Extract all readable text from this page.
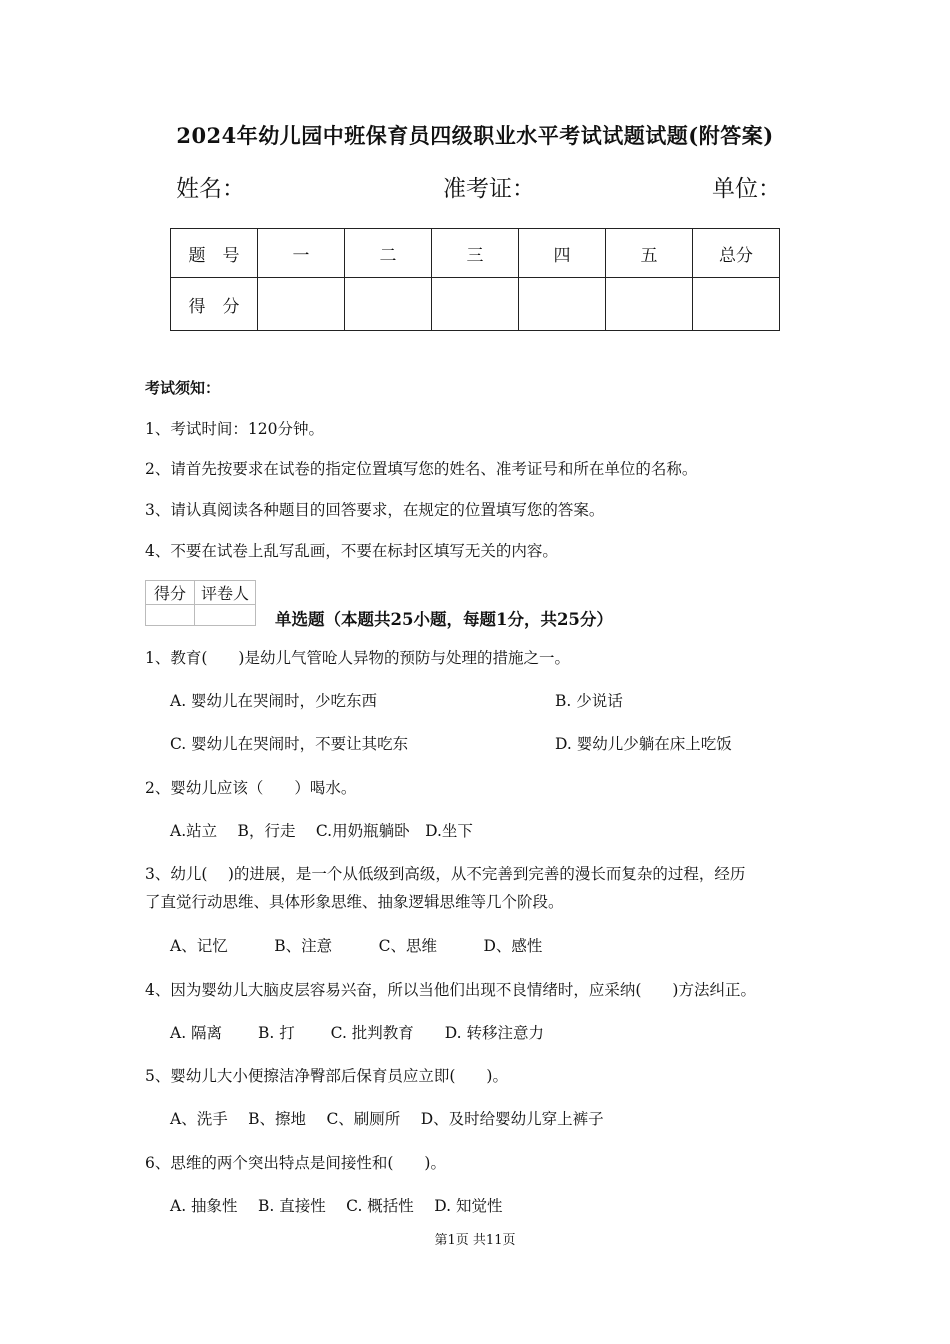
2024年幼儿园中班保育员四级职业水平考试试题试题(附答案)
姓名：	准考证：	单位：
题　号	一	二	三	四	五	总分
得　分						
考试须知：
1、考试时间：120分钟。
2、请首先按要求在试卷的指定位置填写您的姓名、准考证号和所在单位的名称。
3、请认真阅读各种题目的回答要求，在规定的位置填写您的答案。
4、不要在试卷上乱写乱画，不要在标封区填写无关的内容。
得分	评卷人

单选题（本题共25小题，每题1分，共25分）
1、教育(　　)是幼儿气管呛人异物的预防与处理的措施之一。
A. 婴幼儿在哭闹时，少吃东西	B. 少说话
C. 婴幼儿在哭闹时，不要让其吃东	D. 婴幼儿少躺在床上吃饭
2、婴幼儿应该（　　）喝水。
A.站立　 B，行走　 C.用奶瓶躺卧　D.坐下
3、幼儿(　 )的进展，是一个从低级到高级，从不完善到完善的漫长而复杂的过程，经历
了直觉行动思维、具体形象思维、抽象逻辑思维等几个阶段。
A、记忆　　　B、注意　　　C、思维　　　D、感性
4、因为婴幼儿大脑皮层容易兴奋，所以当他们出现不良情绪时，应采纳(　　)方法纠正。
A. 隔离　　 B. 打　　 C. 批判教育　　D. 转移注意力
5、婴幼儿大小便擦洁净臀部后保育员应立即(　　)。
A、洗手　 B、擦地　 C、刷厕所　 D、及时给婴幼儿穿上裤子
6、思维的两个突出特点是间接性和(　　)。
A. 抽象性　 B. 直接性　 C. 概括性　 D. 知觉性
第1页 共11页
